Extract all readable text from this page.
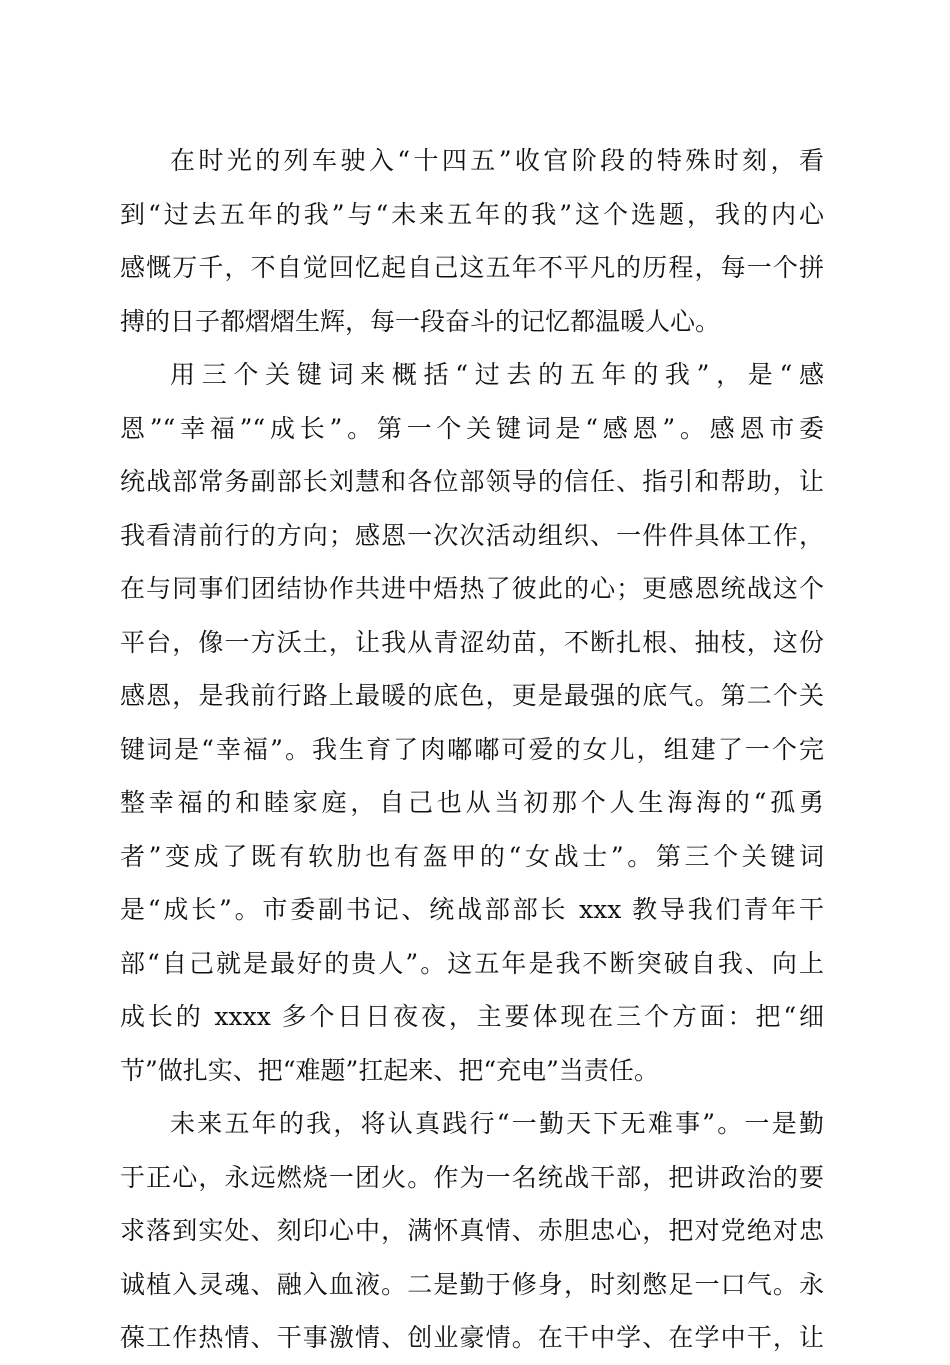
在时光的列车驶入“十四五”收官阶段的特殊时刻，看
到“过去五年的我”与“未来五年的我”这个选题，我的内心
感慨万千，不自觉回忆起自己这五年不平凡的历程，每一个拼
搏的日子都熠熠生辉，每一段奋斗的记忆都温暖人心。
用三个关键词来概括“过去的五年的我”，是“感
恩”“幸福”“成长”。第一个关键词是“感恩”。感恩市委
统战部常务副部长刘慧和各位部领导的信任、指引和帮助，让
我看清前行的方向；感恩一次次活动组织、一件件具体工作，
在与同事们团结协作共进中焐热了彼此的心；更感恩统战这个
平台，像一方沃土，让我从青涩幼苗，不断扎根、抽枝，这份
感恩，是我前行路上最暖的底色，更是最强的底气。第二个关
键词是“幸福”。我生育了肉嘟嘟可爱的女儿，组建了一个完
整幸福的和睦家庭，自己也从当初那个人生海海的“孤勇
者”变成了既有软肋也有盔甲的“女战士”。第三个关键词
是“成长”。市委副书记、统战部部长 xxx 教导我们青年干
部“自己就是最好的贵人”。这五年是我不断突破自我、向上
成长的 xxxx 多个日日夜夜，主要体现在三个方面：把“细
节”做扎实、把“难题”扛起来、把“充电”当责任。
未来五年的我，将认真践行“一勤天下无难事”。一是勤
于正心，永远燃烧一团火。作为一名统战干部，把讲政治的要
求落到实处、刻印心中，满怀真情、赤胆忠心，把对党绝对忠
诚植入灵魂、融入血液。二是勤于修身，时刻憋足一口气。永
葆工作热情、干事激情、创业豪情。在干中学、在学中干，让
